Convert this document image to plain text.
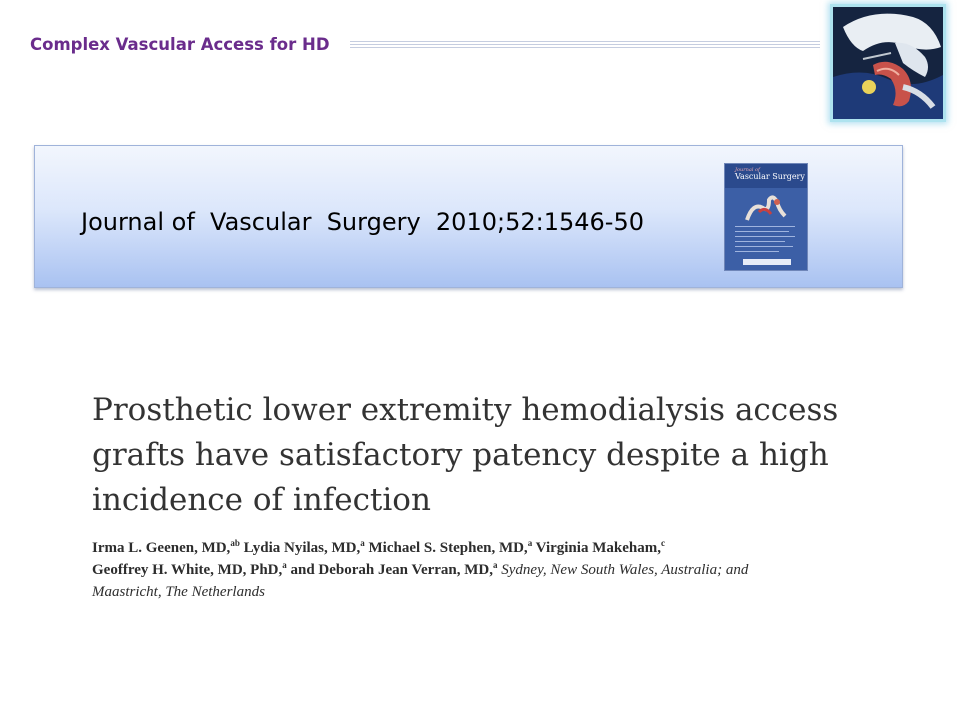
Complex Vascular Access for HD
Journal of  Vascular  Surgery  2010;52:1546-50
Journal of
Vascular Surgery
Prosthetic lower extremity hemodialysis access
grafts have satisfactory patency despite a high
incidence of infection
Irma L. Geenen, MD,$^{ab}$ Lydia Nyilas, MD,$^a$ Michael S. Stephen, MD,$^a$ Virginia Makeham,$^c$
Geoffrey H. White, MD, PhD,$^a$ and Deborah Jean Verran, MD,$^a$ Sydney, New South Wales, Australia; and
Maastricht, The Netherlands
